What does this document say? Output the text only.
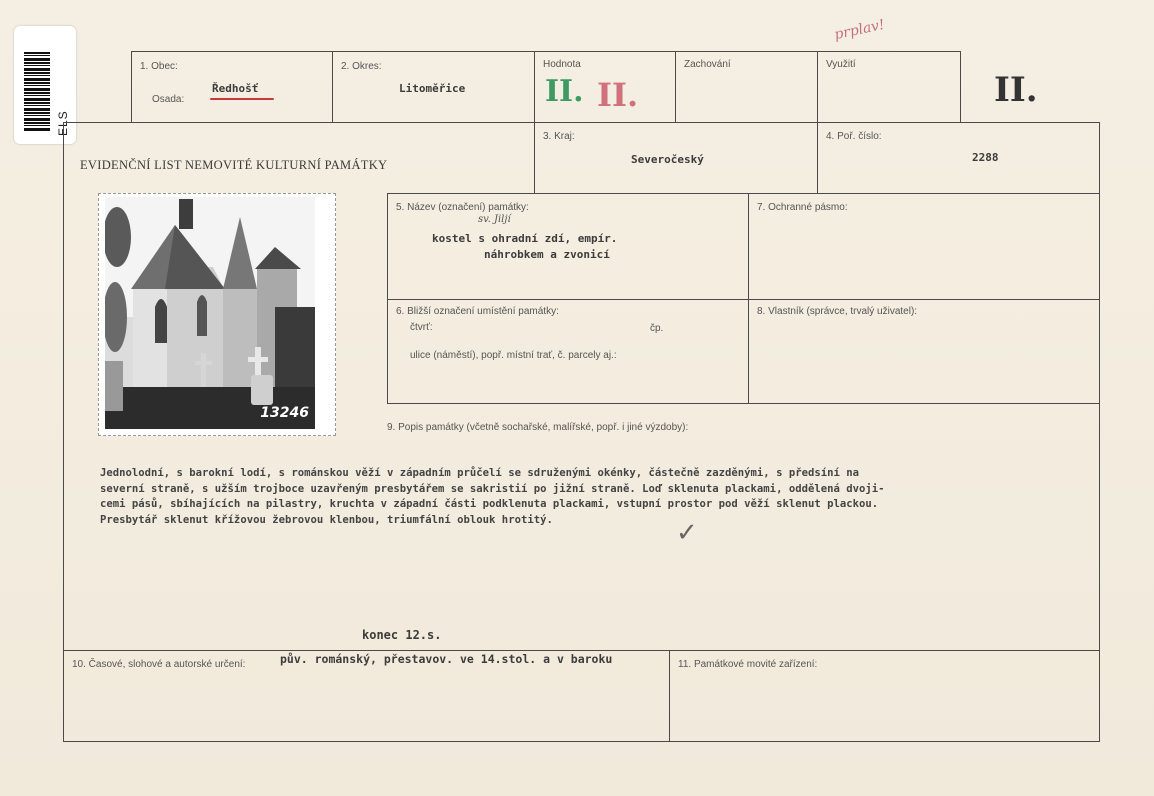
ELS
1. Obec:
Osada:
Ředhošť
2. Okres:
Litoměřice
Hodnota
II. II.
Zachování	Využití
prplav!
II.
EVIDENČNÍ LIST NEMOVITÉ KULTURNÍ PAMÁTKY
3. Kraj:
Severočeský
4. Poř. číslo:
2288
13246
5. Název (označení) památky:
sv. Jiljí
kostel s ohradní zdí, empír.
náhrobkem a zvonicí
7. Ochranné pásmo:
6. Bližší označení umístění památky:
čtvrť:	čp.
ulice (náměstí), popř. místní trať, č. parcely aj.:
8. Vlastník (správce, trvalý uživatel):
9. Popis památky (včetně sochařské, malířské, popř. i jiné výzdoby):
Jednolodní, s barokní lodí, s románskou věží v západním průčelí se sdruženými okénky, částečně zazděnými, s předsíní na
severní straně, s užším trojboce uzavřeným presbytářem se sakristií po jižní straně. Loď sklenuta plackami, oddělená dvoji-
cemi pásů, sbíhajících na pilastry, kruchta v západní části podklenuta plackami, vstupní prostor pod věží sklenut plackou.
Presbytář sklenut křížovou žebrovou klenbou, triumfální oblouk hrotitý.	✓
konec 12.s.
10. Časové, slohové a autorské určení:	pův. románský, přestavov. ve 14.stol. a v baroku	11. Památkové movité zařízení:
